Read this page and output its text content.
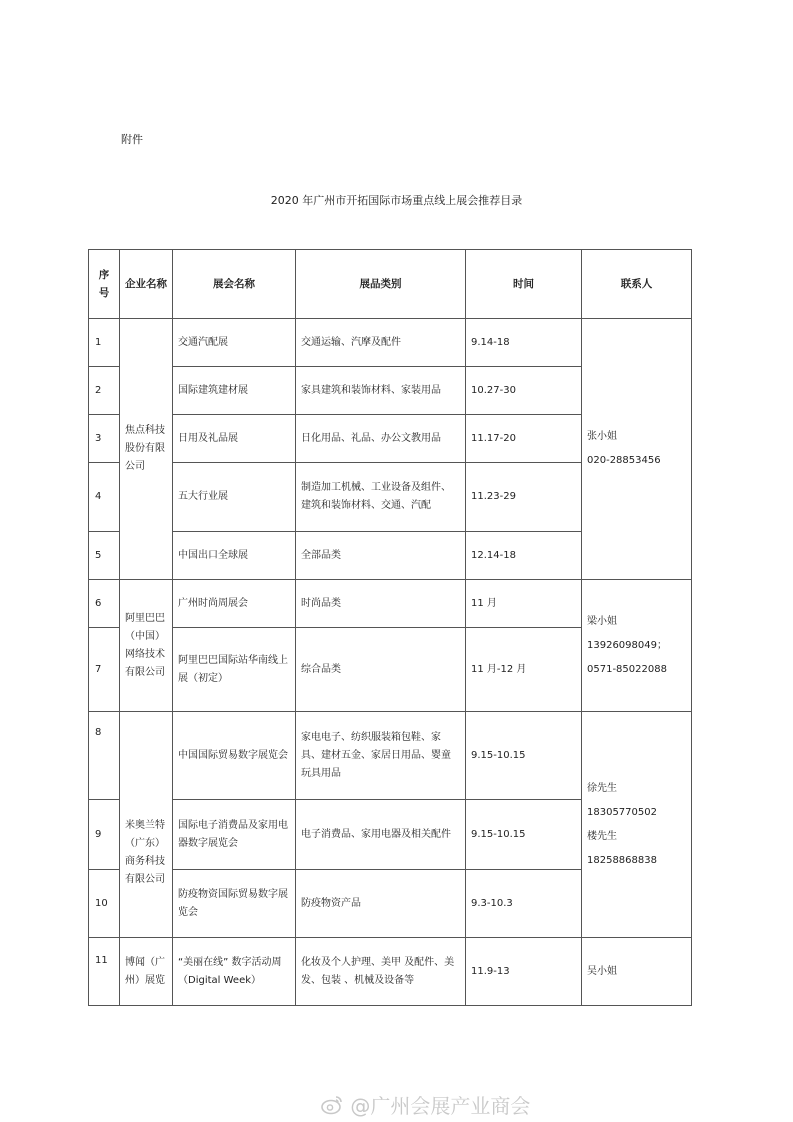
附件
2020 年广州市开拓国际市场重点线上展会推荐目录
序号	企业名称	展会名称	展品类别	时间	联系人
1	焦点科技股份有限公司	交通汽配展	交通运输、汽摩及配件	9.14-18	张小姐
020-28853456

2		国际建筑建材展	家具建筑和装饰材料、家装用品	10.27-30	
3		日用及礼品展	日化用品、礼品、办公文教用品	11.17-20	
4		五大行业展	制造加工机械、工业设备及组件、建筑和装饰材料、交通、汽配	11.23-29	
5		中国出口全球展	全部品类	12.14-18	
6	阿里巴巴（中国）网络技术有限公司	广州时尚周展会	时尚品类	11 月	梁小姐
13926098049；
0571-85022088

7		阿里巴巴国际站华南线上展（初定）	综合品类	11 月-12 月	
8	米奥兰特（广东）商务科技有限公司	中国国际贸易数字展览会	家电电子、纺织服装箱包鞋、家具、建材五金、家居日用品、婴童玩具用品	9.15-10.15	徐先生
18305770502
楼先生
18258868838

9		国际电子消费品及家用电器数字展览会	电子消费品、家用电器及相关配件	9.15-10.15	
10		防疫物资国际贸易数字展览会	防疫物资产品	9.3-10.3	
11	博闻（广州）展览	“美丽在线” 数字活动周（Digital Week）	化妆及个人护理、美甲 及配件、美发、包装 、机械及设备等	11.9-13	吴小姐
@广州会展产业商会
